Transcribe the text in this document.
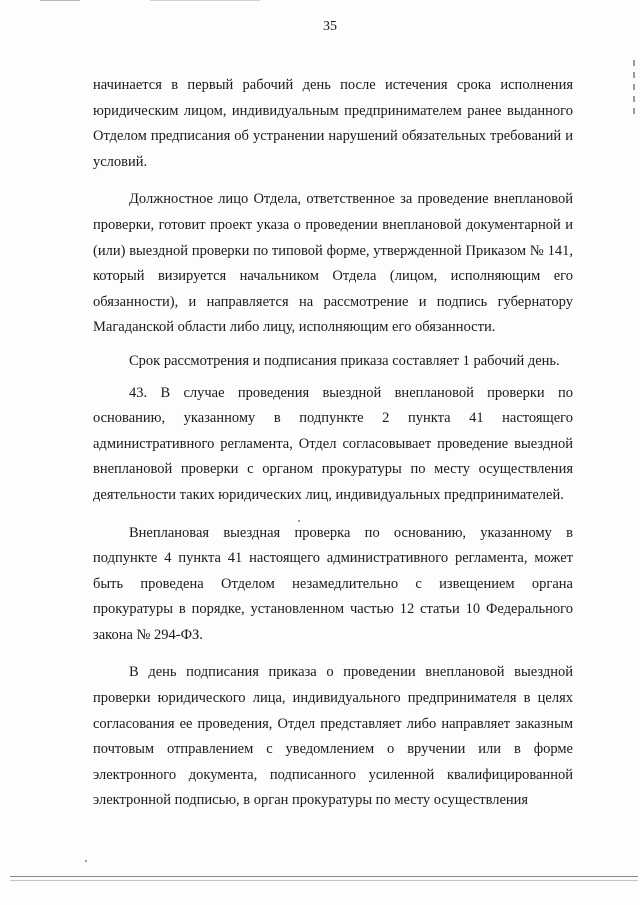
35

начинается в первый рабочий день после истечения срока исполнения юридическим лицом, индивидуальным предпринимателем ранее выданного Отделом предписания об устранении нарушений обязательных требований и условий.

Должностное лицо Отдела, ответственное за проведение внеплановой проверки, готовит проект указа о проведении внеплановой документарной и (или) выездной проверки по типовой форме, утвержденной Приказом № 141, который визируется начальником Отдела (лицом, исполняющим его обязанности), и направляется на рассмотрение и подпись губернатору Магаданской области либо лицу, исполняющим его обязанности.

Срок рассмотрения и подписания приказа составляет 1 рабочий день.

43. В случае проведения выездной внеплановой проверки по основанию, указанному в подпункте 2 пункта 41 настоящего административного регламента, Отдел согласовывает проведение выездной внеплановой проверки с органом прокуратуры по месту осуществления деятельности таких юридических лиц, индивидуальных предпринимателей.

Внеплановая выездная проверка по основанию, указанному в подпункте 4 пункта 41 настоящего административного регламента, может быть проведена Отделом незамедлительно с извещением органа прокуратуры в порядке, установленном частью 12 статьи 10 Федерального закона № 294-ФЗ.

В день подписания приказа о проведении внеплановой выездной проверки юридического лица, индивидуального предпринимателя в целях согласования ее проведения, Отдел представляет либо направляет заказным почтовым отправлением с уведомлением о вручении или в форме электронного документа, подписанного усиленной квалифицированной электронной подписью, в орган прокуратуры по месту осуществления
